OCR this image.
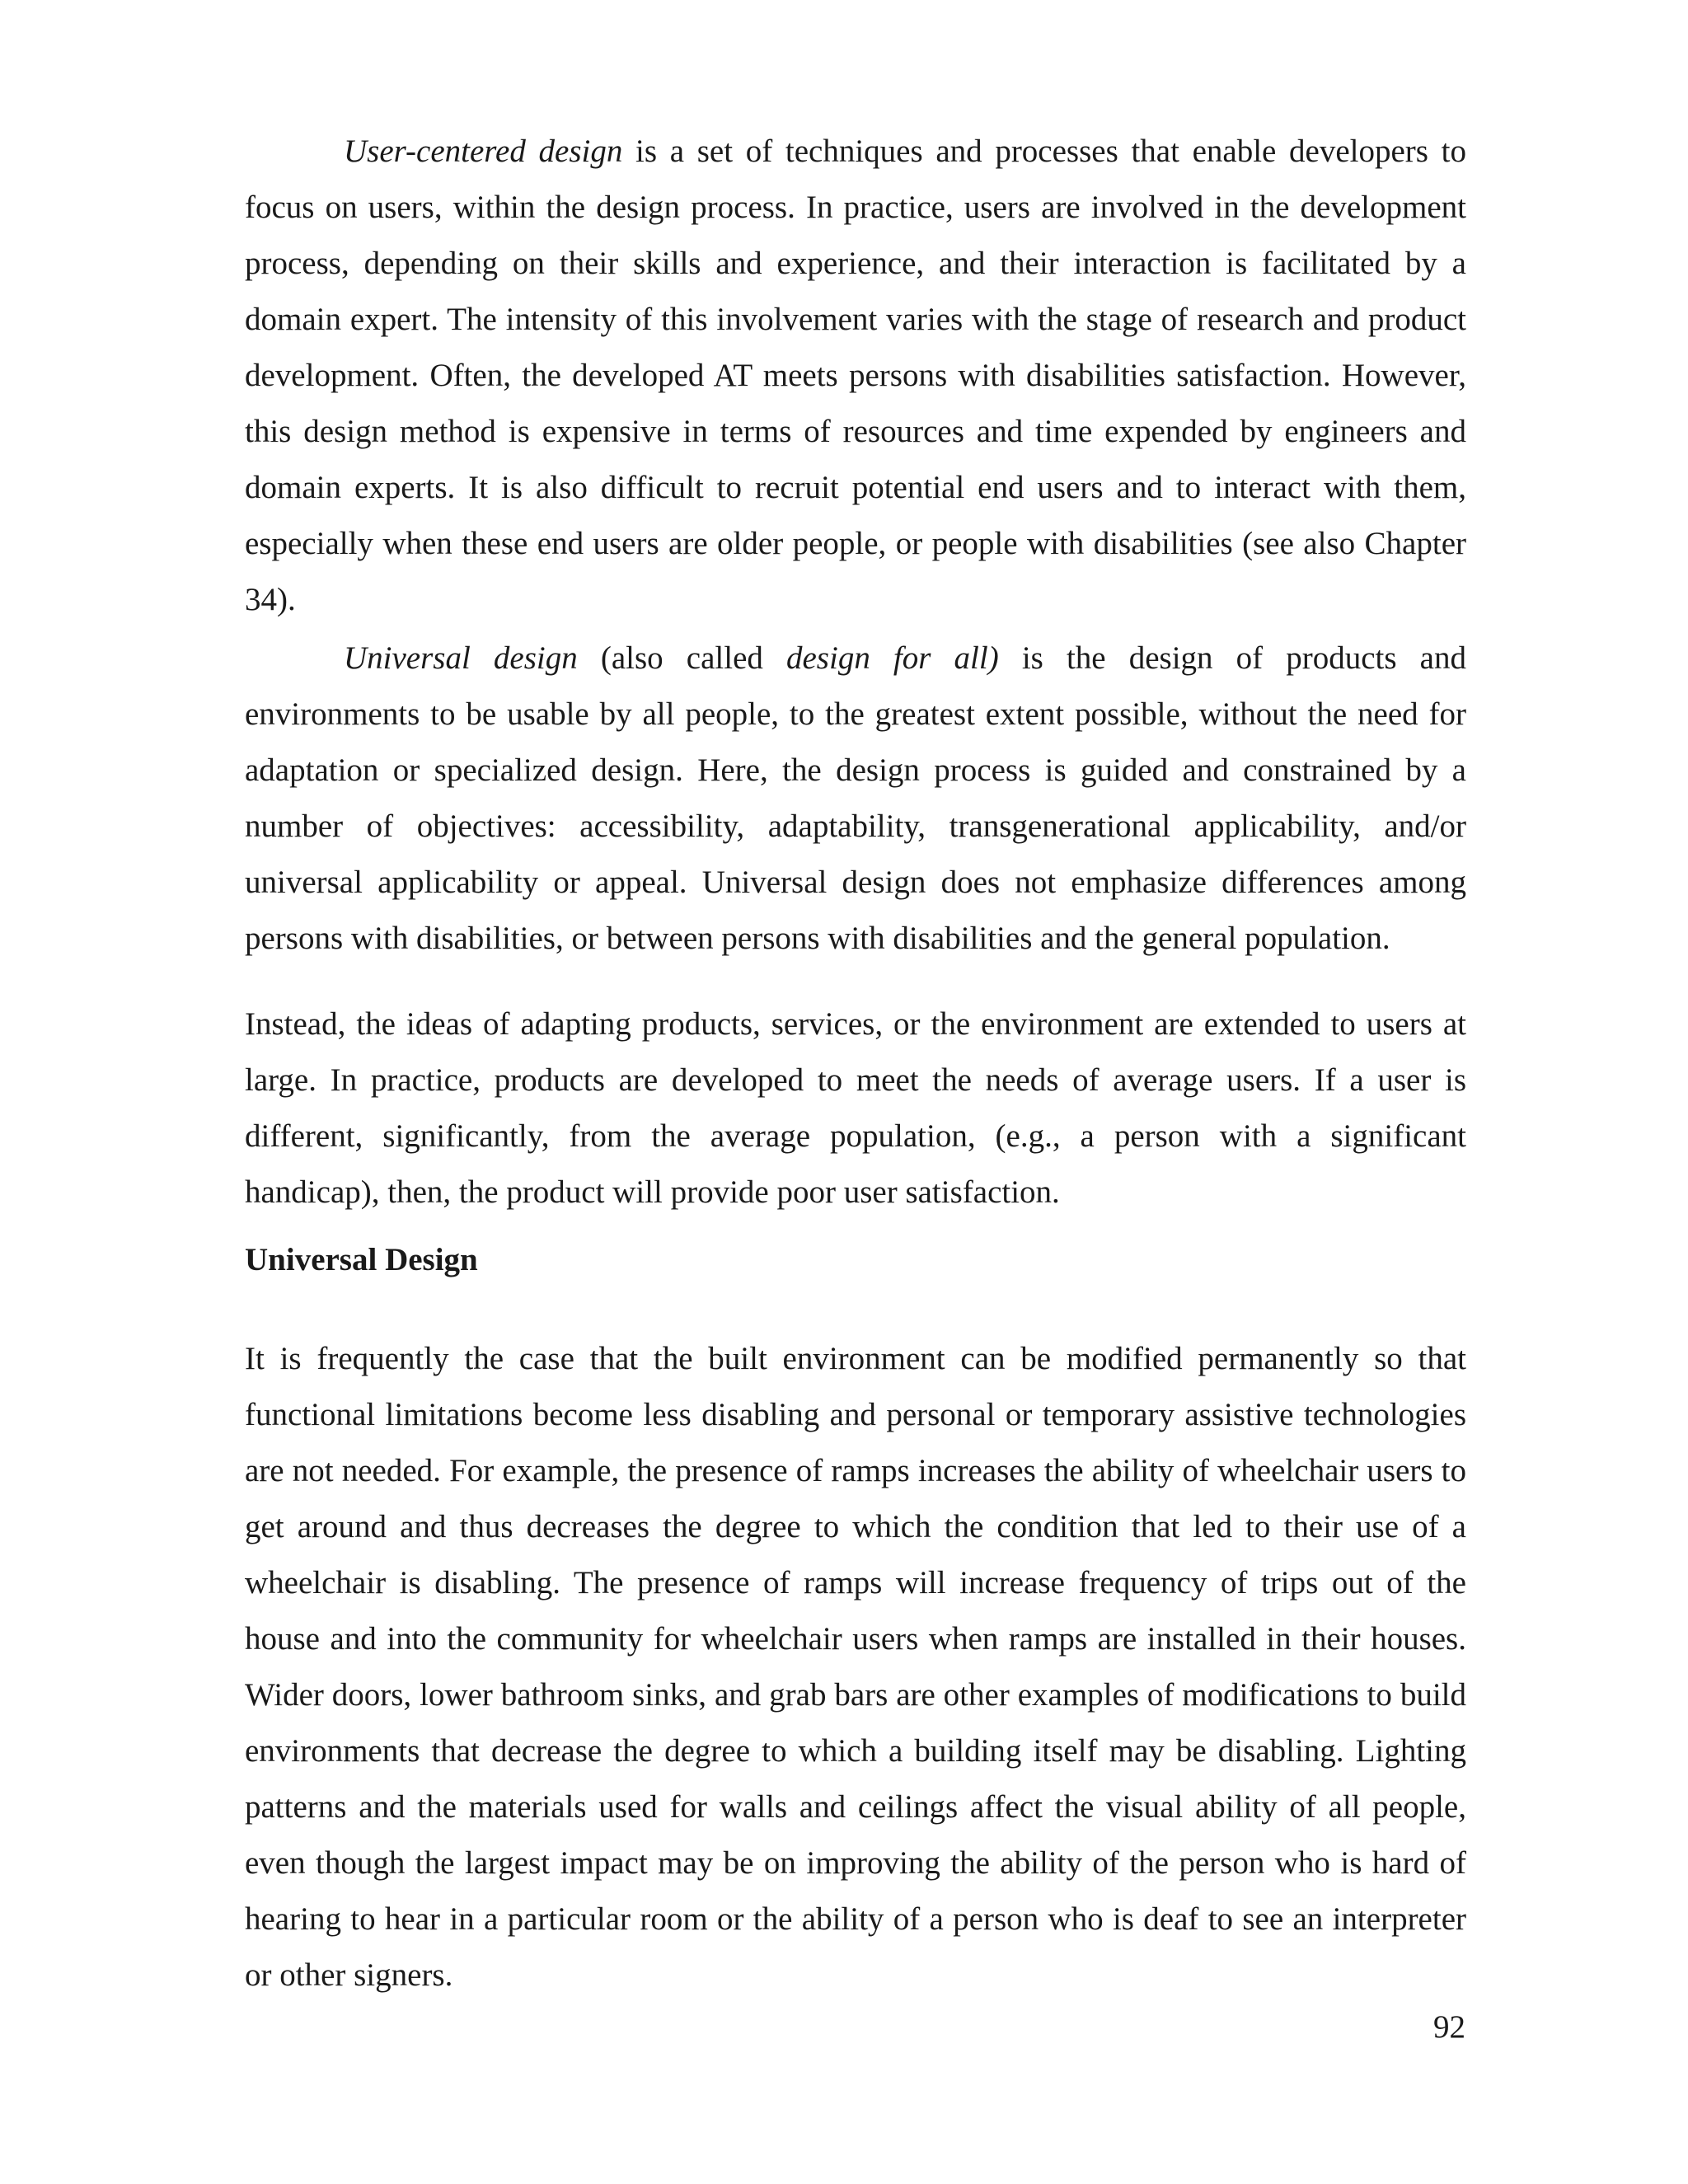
User-centered design is a set of techniques and processes that enable developers to focus on users, within the design process. In practice, users are involved in the development process, depending on their skills and experience, and their interaction is facilitated by a domain expert. The intensity of this involvement varies with the stage of research and product development. Often, the developed AT meets persons with disabilities satisfaction. However, this design method is expensive in terms of resources and time expended by engineers and domain experts. It is also difficult to recruit potential end users and to interact with them, especially when these end users are older people, or people with disabilities (see also Chapter 34).

Universal design (also called design for all) is the design of products and environments to be usable by all people, to the greatest extent possible, without the need for adaptation or specialized design. Here, the design process is guided and constrained by a number of objectives: accessibility, adaptability, transgenerational applicability, and/or universal applicability or appeal. Universal design does not emphasize differences among persons with disabilities, or between persons with disabilities and the general population.

Instead, the ideas of adapting products, services, or the environment are extended to users at large. In practice, products are developed to meet the needs of average users. If a user is different, significantly, from the average population, (e.g., a person with a significant handicap), then, the product will provide poor user satisfaction.

Universal Design

It is frequently the case that the built environment can be modified permanently so that functional limitations become less disabling and personal or temporary assistive technologies are not needed. For example, the presence of ramps increases the ability of wheelchair users to get around and thus decreases the degree to which the condition that led to their use of a wheelchair is disabling. The presence of ramps will increase frequency of trips out of the house and into the community for wheelchair users when ramps are installed in their houses. Wider doors, lower bathroom sinks, and grab bars are other examples of modifications to build environments that decrease the degree to which a building itself may be disabling. Lighting patterns and the materials used for walls and ceilings affect the visual ability of all people, even though the largest impact may be on improving the ability of the person who is hard of hearing to hear in a particular room or the ability of a person who is deaf to see an interpreter or other signers.

92
